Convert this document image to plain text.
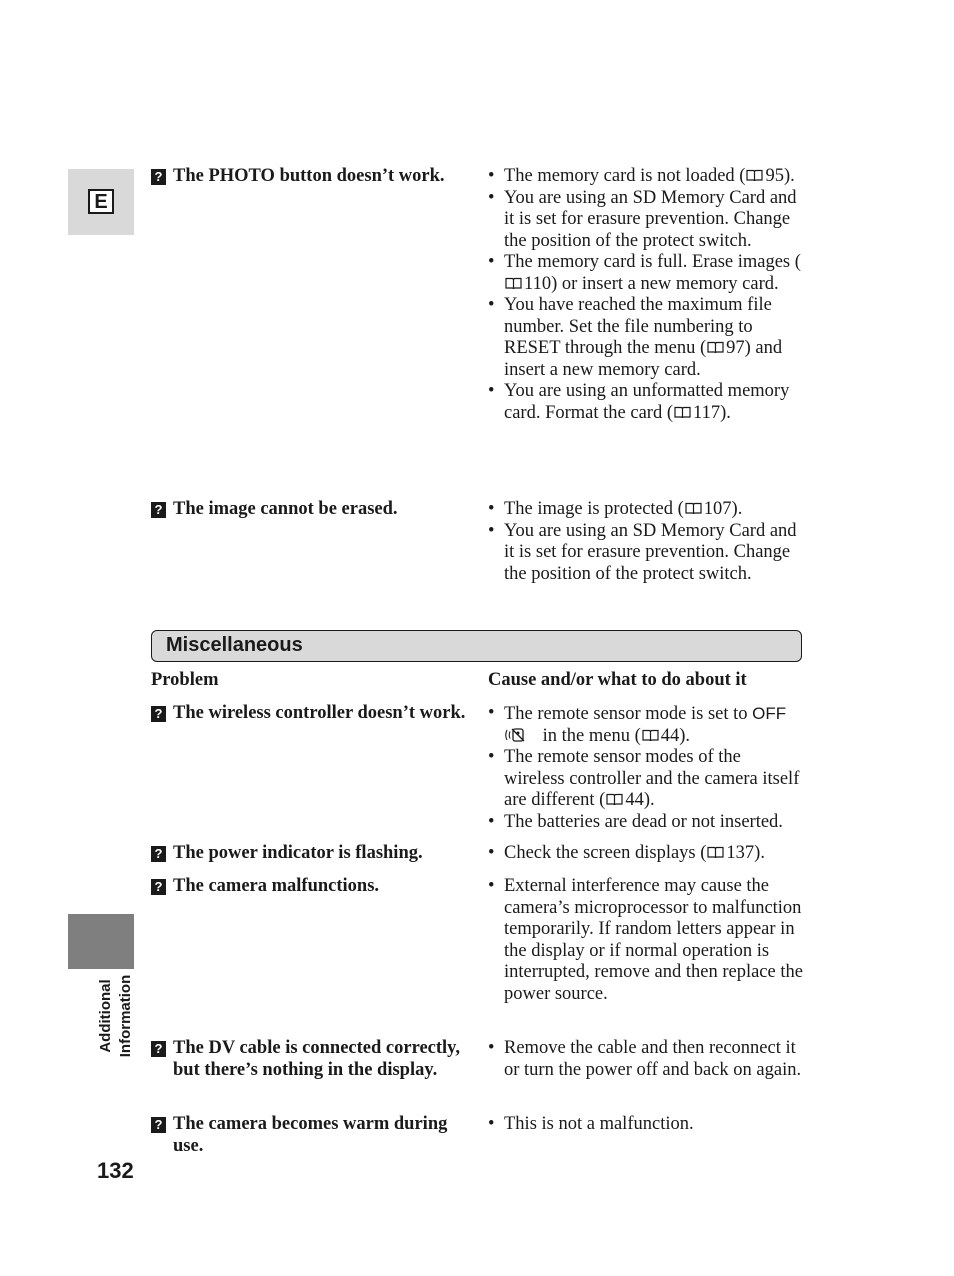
E
Additional Information
132
? The PHOTO button doesn’t work.	• The memory card is not loaded ( 95).
• You are using an SD Memory Card and it is set for erasure prevention. Change the position of the protect switch.
• The memory card is full. Erase images (
110) or insert a new memory card.
• You have reached the maximum file number. Set the file numbering to RESET through the menu ( 97) and insert a new memory card.
• You are using an unformatted memory card. Format the card ( 117).
? The image cannot be erased.	• The image is protected ( 107).
• You are using an SD Memory Card and it is set for erasure prevention. Change the position of the protect switch.
Miscellaneous
Problem	Cause and/or what to do about it
? The wireless controller doesn’t work.	• The remote sensor mode is set to OFF in the menu ( 44).
• The remote sensor modes of the wireless controller and the camera itself are different ( 44).
• The batteries are dead or not inserted.
? The power indicator is flashing.	• Check the screen displays ( 137).
? The camera malfunctions.	• External interference may cause the camera’s microprocessor to malfunction temporarily. If random letters appear in the display or if normal operation is interrupted, remove and then replace the power source.
? The DV cable is connected correctly, but there’s nothing in the display.
• Remove the cable and then reconnect it or turn the power off and back on again.
? The camera becomes warm during use.
• This is not a malfunction.
